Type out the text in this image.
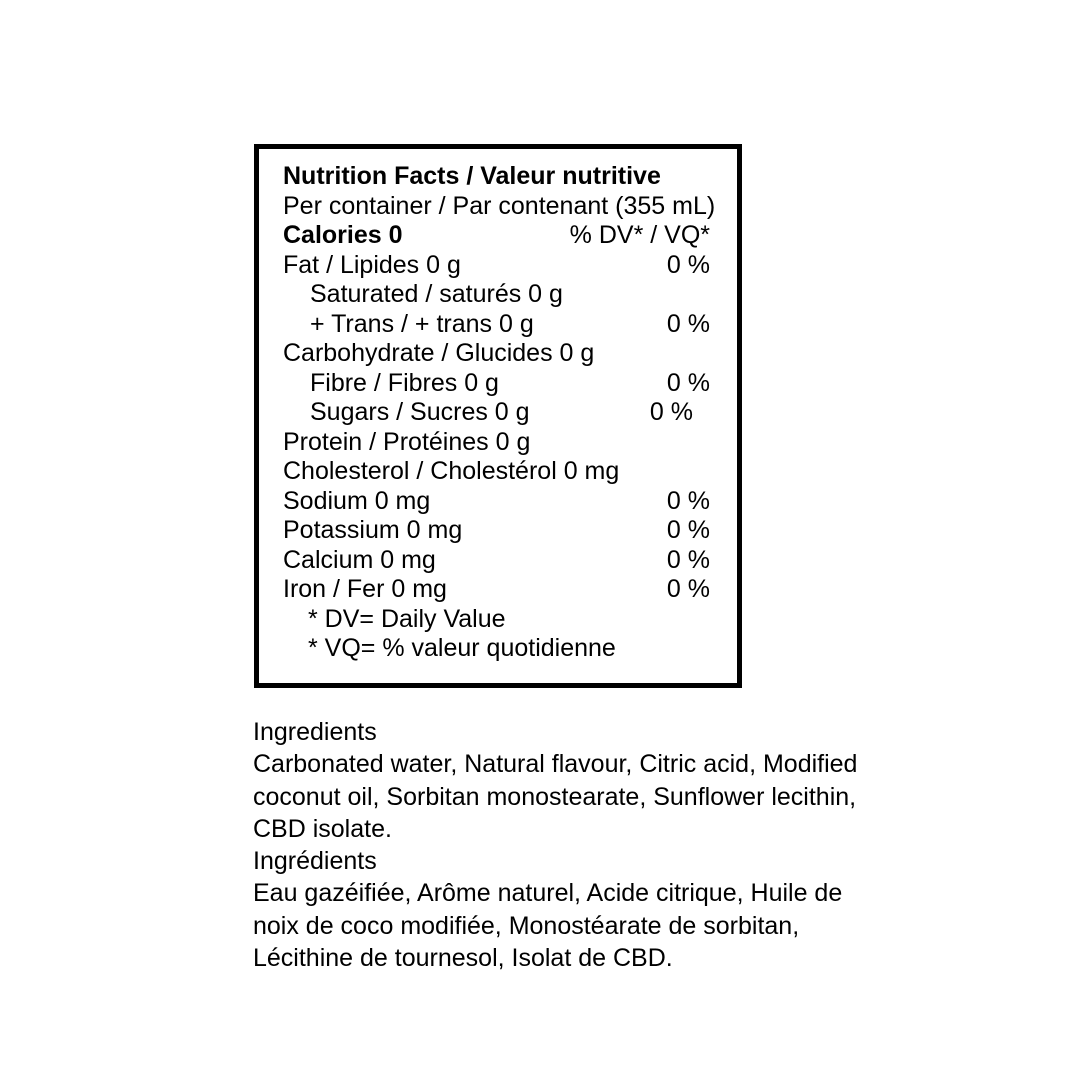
Nutrition Facts / Valeur nutritive
Per container / Par contenant (355 mL)
Calories 0	% DV* / VQ*
Fat / Lipides 0 g	0 %
Saturated / saturés 0 g
+ Trans / + trans 0 g	0 %
Carbohydrate / Glucides 0 g
Fibre / Fibres 0 g	0 %
Sugars / Sucres 0 g	0 %
Protein / Protéines 0 g
Cholesterol / Cholestérol 0 mg
Sodium 0 mg	0 %
Potassium 0 mg	0 %
Calcium 0 mg	0 %
Iron / Fer 0 mg	0 %
* DV= Daily Value
* VQ= % valeur quotidienne
Ingredients
Carbonated water, Natural flavour, Citric acid, Modified
coconut oil, Sorbitan monostearate, Sunflower lecithin,
CBD isolate.
Ingrédients
Eau gazéifiée, Arôme naturel, Acide citrique, Huile de
noix de coco modifiée, Monostéarate de sorbitan,
Lécithine de tournesol, Isolat de CBD.
